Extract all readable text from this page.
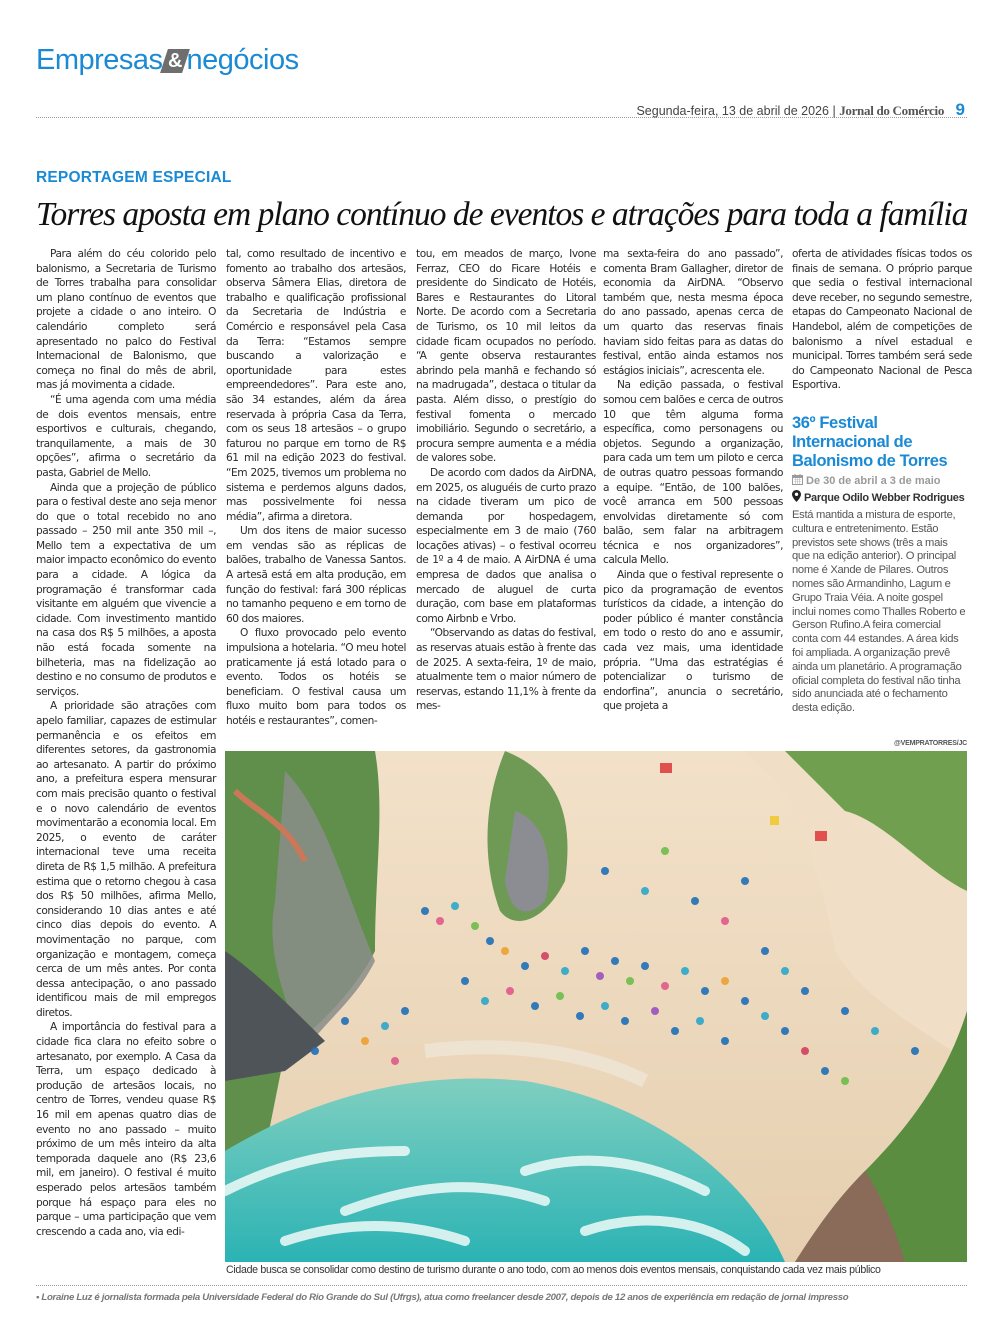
Empresas & negócios
Segunda-feira, 13 de abril de 2026 | Jornal do Comércio 9
REPORTAGEM ESPECIAL
Torres aposta em plano contínuo de eventos e atrações para toda a família

Para além do céu colorido pelo balonismo, a Secretaria de Turismo de Torres trabalha para consolidar um plano contínuo de eventos que projete a cidade o ano inteiro. O calendário completo será apresentado no palco do Festival Internacional de Balonismo, que começa no final do mês de abril, mas já movimenta a cidade.

“É uma agenda com uma média de dois eventos mensais, entre esportivos e culturais, chegando, tranquilamente, a mais de 30 opções”, afirma o secretário da pasta, Gabriel de Mello.

Ainda que a projeção de público para o festival deste ano seja menor do que o total recebido no ano passado – 250 mil ante 350 mil –, Mello tem a expectativa de um maior impacto econômico do evento para a cidade. A lógica da programação é transformar cada visitante em alguém que vivencie a cidade. Com investimento mantido na casa dos R$ 5 milhões, a aposta não está focada somente na bilheteria, mas na fidelização ao destino e no consumo de produtos e serviços.

A prioridade são atrações com apelo familiar, capazes de estimular permanência e os efeitos em diferentes setores, da gastronomia ao artesanato. A partir do próximo ano, a prefeitura espera mensurar com mais precisão quanto o festival e o novo calendário de eventos movimentarão a economia local. Em 2025, o evento de caráter internacional teve uma receita direta de R$ 1,5 milhão. A prefeitura estima que o retorno chegou à casa dos R$ 50 milhões, afirma Mello, considerando 10 dias antes e até cinco dias depois do evento. A movimentação no parque, com organização e montagem, começa cerca de um mês antes. Por conta dessa antecipação, o ano passado identificou mais de mil empregos diretos.

A importância do festival para a cidade fica clara no efeito sobre o artesanato, por exemplo. A Casa da Terra, um espaço dedicado à produção de artesãos locais, no centro de Torres, vendeu quase R$ 16 mil em apenas quatro dias de evento no ano passado – muito próximo de um mês inteiro da alta temporada daquele ano (R$ 23,6 mil, em janeiro). O festival é muito esperado pelos artesãos também porque há espaço para eles no parque – uma participação que vem crescendo a cada ano, via edi-

tal, como resultado de incentivo e fomento ao trabalho dos artesãos, observa Sâmera Elias, diretora de trabalho e qualificação profissional da Secretaria de Indústria e Comércio e responsável pela Casa da Terra: “Estamos sempre buscando a valorização e oportunidade para estes empreendedores”. Para este ano, são 34 estandes, além da área reservada à própria Casa da Terra, com os seus 18 artesãos – o grupo faturou no parque em torno de R$ 61 mil na edição 2023 do festival. “Em 2025, tivemos um problema no sistema e perdemos alguns dados, mas possivelmente foi nessa média”, afirma a diretora.

Um dos itens de maior sucesso em vendas são as réplicas de balões, trabalho de Vanessa Santos. A artesã está em alta produção, em função do festival: fará 300 réplicas no tamanho pequeno e em torno de 60 dos maiores.

O fluxo provocado pelo evento impulsiona a hotelaria. “O meu hotel praticamente já está lotado para o evento. Todos os hotéis se beneficiam. O festival causa um fluxo muito bom para todos os hotéis e restaurantes”, comen-

tou, em meados de março, Ivone Ferraz, CEO do Ficare Hotéis e presidente do Sindicato de Hotéis, Bares e Restaurantes do Litoral Norte. De acordo com a Secretaria de Turismo, os 10 mil leitos da cidade ficam ocupados no período. “A gente observa restaurantes abrindo pela manhã e fechando só na madrugada”, destaca o titular da pasta. Além disso, o prestígio do festival fomenta o mercado imobiliário. Segundo o secretário, a procura sempre aumenta e a média de valores sobe.

De acordo com dados da AirDNA, em 2025, os aluguéis de curto prazo na cidade tiveram um pico de demanda por hospedagem, especialmente em 3 de maio (760 locações ativas) – o festival ocorreu de 1º a 4 de maio. A AirDNA é uma empresa de dados que analisa o mercado de aluguel de curta duração, com base em plataformas como Airbnb e Vrbo.

“Observando as datas do festival, as reservas atuais estão à frente das de 2025. A sexta-feira, 1º de maio, atualmente tem o maior número de reservas, estando 11,1% à frente da mes-

ma sexta-feira do ano passado”, comenta Bram Gallagher, diretor de economia da AirDNA. “Observo também que, nesta mesma época do ano passado, apenas cerca de um quarto das reservas finais haviam sido feitas para as datas do festival, então ainda estamos nos estágios iniciais”, acrescenta ele.

Na edição passada, o festival somou cem balões e cerca de outros 10 que têm alguma forma específica, como personagens ou objetos. Segundo a organização, para cada um tem um piloto e cerca de outras quatro pessoas formando a equipe. “Então, de 100 balões, você arranca em 500 pessoas envolvidas diretamente só com balão, sem falar na arbitragem técnica e nos organizadores”, calcula Mello.

Ainda que o festival represente o pico da programação de eventos turísticos da cidade, a intenção do poder público é manter constância em todo o resto do ano e assumir, cada vez mais, uma identidade própria. “Uma das estratégias é potencializar o turismo de endorfina”, anuncia o secretário, que projeta a

oferta de atividades físicas todos os finais de semana. O próprio parque que sedia o festival internacional deve receber, no segundo semestre, etapas do Campeonato Nacional de Handebol, além de competições de balonismo a nível estadual e municipal. Torres também será sede do Campeonato Nacional de Pesca Esportiva.

36º Festival Internacional de Balonismo de Torres
De 30 de abril a 3 de maio
Parque Odilo Webber Rodrigues
Está mantida a mistura de esporte, cultura e entretenimento. Estão previstos sete shows (três a mais que na edição anterior). O principal nome é Xande de Pilares. Outros nomes são Armandinho, Lagum e Grupo Traia Véia. A noite gospel inclui nomes como Thalles Roberto e Gerson Rufino.A feira comercial conta com 44 estandes. A área kids foi ampliada. A organização prevê ainda um planetário. A programação oficial completa do festival não tinha sido anunciada até o fechamento desta edição.
@VEMPRATORRES/JC
Cidade busca se consolidar como destino de turismo durante o ano todo, com ao menos dois eventos mensais, conquistando cada vez mais público
• Loraine Luz é jornalista formada pela Universidade Federal do Rio Grande do Sul (Ufrgs), atua como freelancer desde 2007, depois de 12 anos de experiência em redação de jornal impresso
